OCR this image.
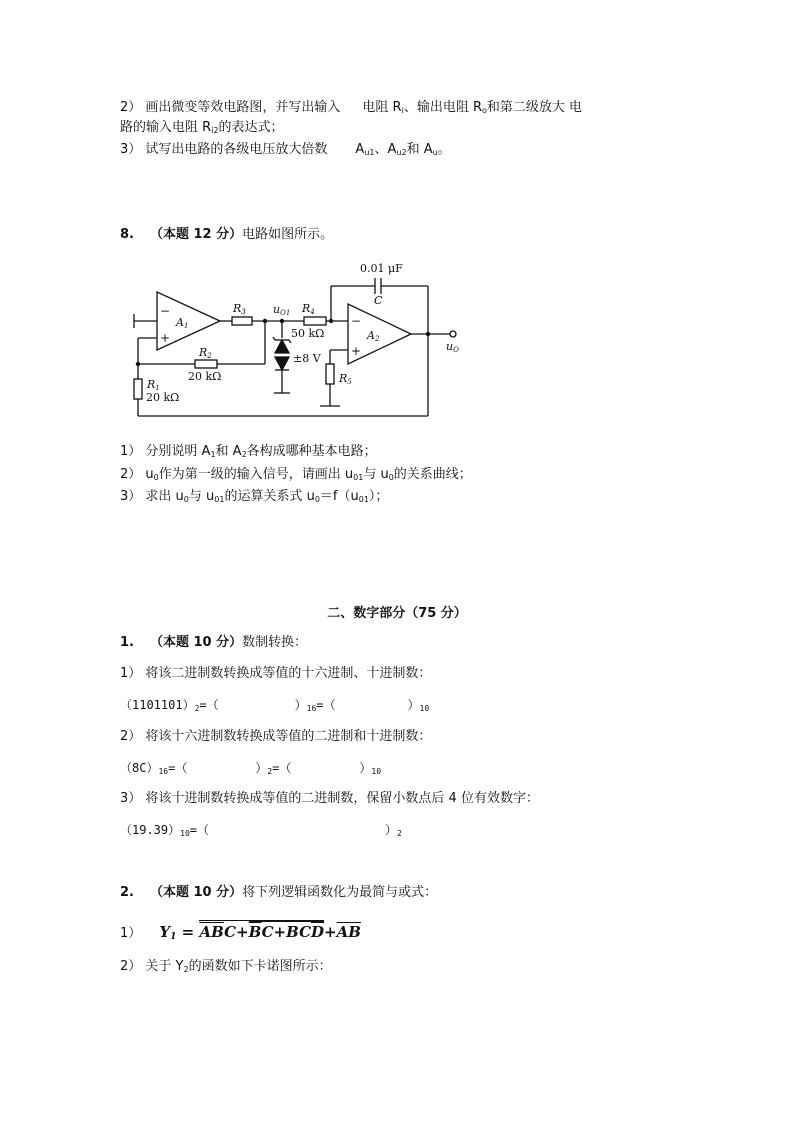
2） 画出微变等效电路图，并写出输入 电阻 $R_i$、输出电阻 $R_o$和第二级放大 电
路的输入电阻 $R_{i2}$的表达式；
3） 试写出电路的各级电压放大倍数 $A_{u1}$、$A_{u2}$和 $A_u$。
8. （本题 12 分）电路如图所示。
0.01 μF
C
R3	R4
50 kΩ
R2
20 kΩ
R1
20 kΩ
R5
A1
A2
uO1
uO
±8 V
−
+
−
+
1） 分别说明 $A_1$和 $A_2$各构成哪种基本电路；
2） $u_0$作为第一级的输入信号，请画出 $u_{01}$与 $u_0$的关系曲线；
3） 求出 $u_0$与 $u_{01}$的运算关系式 $u_0=f(u_{01})$；
二、数字部分（75 分）
1. （本题 10 分）数制转换：
1） 将该二进制数转换成等值的十六进制、十进制数：
$(1101101)_2=$（	）$_{16}=$（	）$_{10}$
2） 将该十六进制数转换成等值的二进制和十进制数：
$(8C)_{16}=$（	）$_2=$（	）$_{10}$
3） 将该十进制数转换成等值的二进制数，保留小数点后 4 位有效数字：
$(19.39)_{10}=$（	）$_2$
2. （本题 10 分）将下列逻辑函数化为最简与或式：
1） $Y_1 = \overline{A}\overline{B}C+\overline{B}C+BC\overline{D}+AB$
2） 关于 $Y_2$的函数如下卡诺图所示：
